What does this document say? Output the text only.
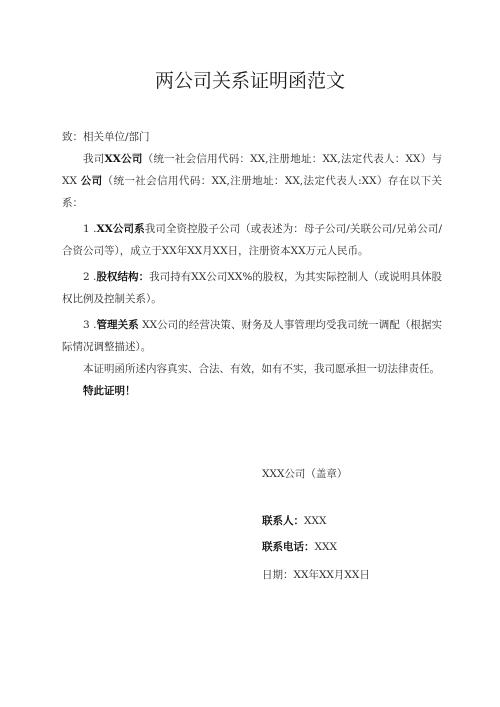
两公司关系证明函范文

致：相关单位/部门

我司XX公司（统一社会信用代码：XX,注册地址：XX,法定代表人：XX）与XX 公司（统一社会信用代码：XX,注册地址：XX,法定代表人:XX）存在以下关系：

1 .XX公司系我司全资控股子公司（或表述为：母子公司/关联公司/兄弟公司/合资公司等），成立于XX年XX月XX日，注册资本XX万元人民币。

2 .股权结构：我司持有XX公司XX%的股权，为其实际控制人（或说明具体股权比例及控制关系）。

3 .管理关系 XX公司的经营决策、财务及人事管理均受我司统一调配（根据实际情况调整描述）。

本证明函所述内容真实、合法、有效，如有不实，我司愿承担一切法律责任。

特此证明！

XXX公司（盖章）
联系人：XXX
联系电话：XXX
日期：XX年XX月XX日
